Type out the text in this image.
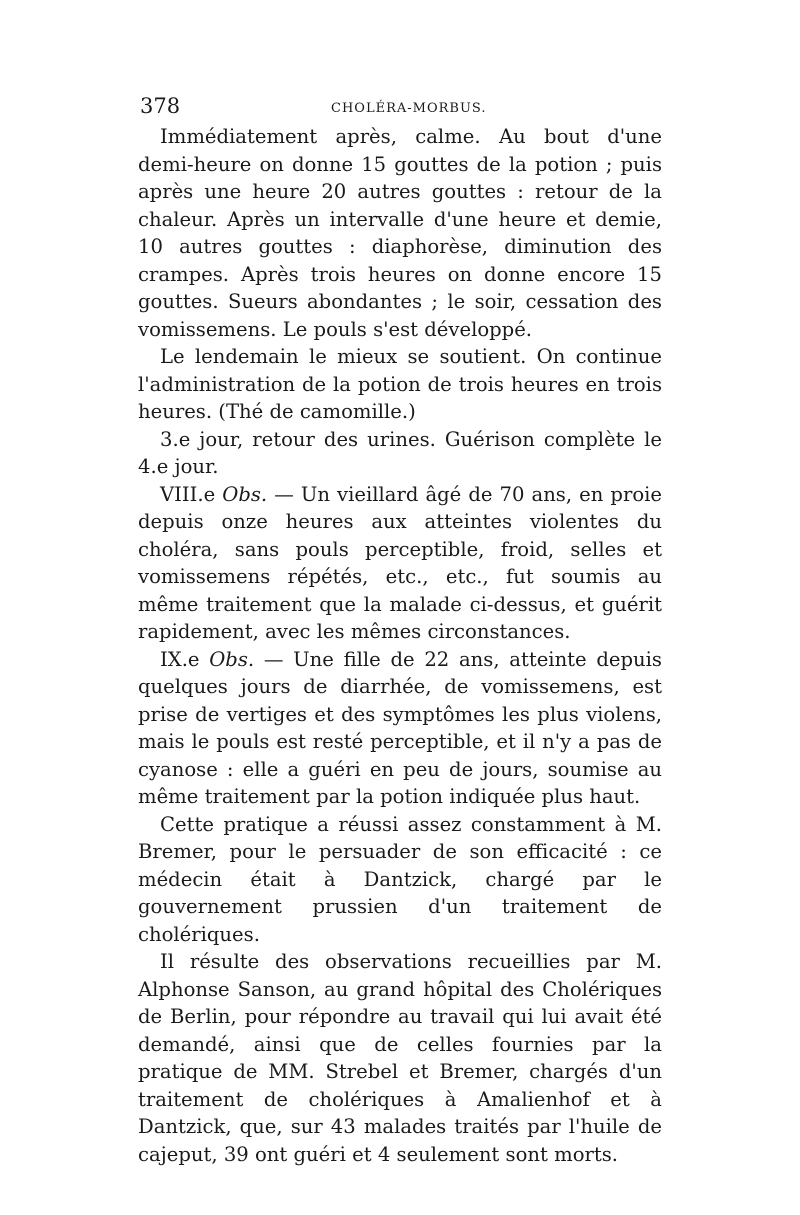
378	CHOLÉRA-MORBUS.

Immédiatement après, calme. Au bout d'une demi-heure on donne 15 gouttes de la potion ; puis après une heure 20 autres gouttes : retour de la chaleur. Après un intervalle d'une heure et demie, 10 autres gouttes : diaphorèse, diminution des crampes. Après trois heures on donne encore 15 gouttes. Sueurs abondantes ; le soir, cessation des vomissemens. Le pouls s'est développé.

Le lendemain le mieux se soutient. On continue l'administration de la potion de trois heures en trois heures. (Thé de camomille.)

3.e jour, retour des urines. Guérison complète le 4.e jour.

VIII.e Obs. — Un vieillard âgé de 70 ans, en proie depuis onze heures aux atteintes violentes du choléra, sans pouls perceptible, froid, selles et vomissemens répétés, etc., etc., fut soumis au même traitement que la malade ci-dessus, et guérit rapidement, avec les mêmes circonstances.

IX.e Obs. — Une fille de 22 ans, atteinte depuis quelques jours de diarrhée, de vomissemens, est prise de vertiges et des symptômes les plus violens, mais le pouls est resté perceptible, et il n'y a pas de cyanose : elle a guéri en peu de jours, soumise au même traitement par la potion indiquée plus haut.

Cette pratique a réussi assez constamment à M. Bremer, pour le persuader de son efficacité : ce médecin était à Dantzick, chargé par le gouvernement prussien d'un traitement de cholériques.

Il résulte des observations recueillies par M. Alphonse Sanson, au grand hôpital des Cholériques de Berlin, pour répondre au travail qui lui avait été demandé, ainsi que de celles fournies par la pratique de MM. Strebel et Bremer, chargés d'un traitement de cholériques à Amalienhof et à Dantzick, que, sur 43 malades traités par l'huile de cajeput, 39 ont guéri et 4 seulement sont morts.
